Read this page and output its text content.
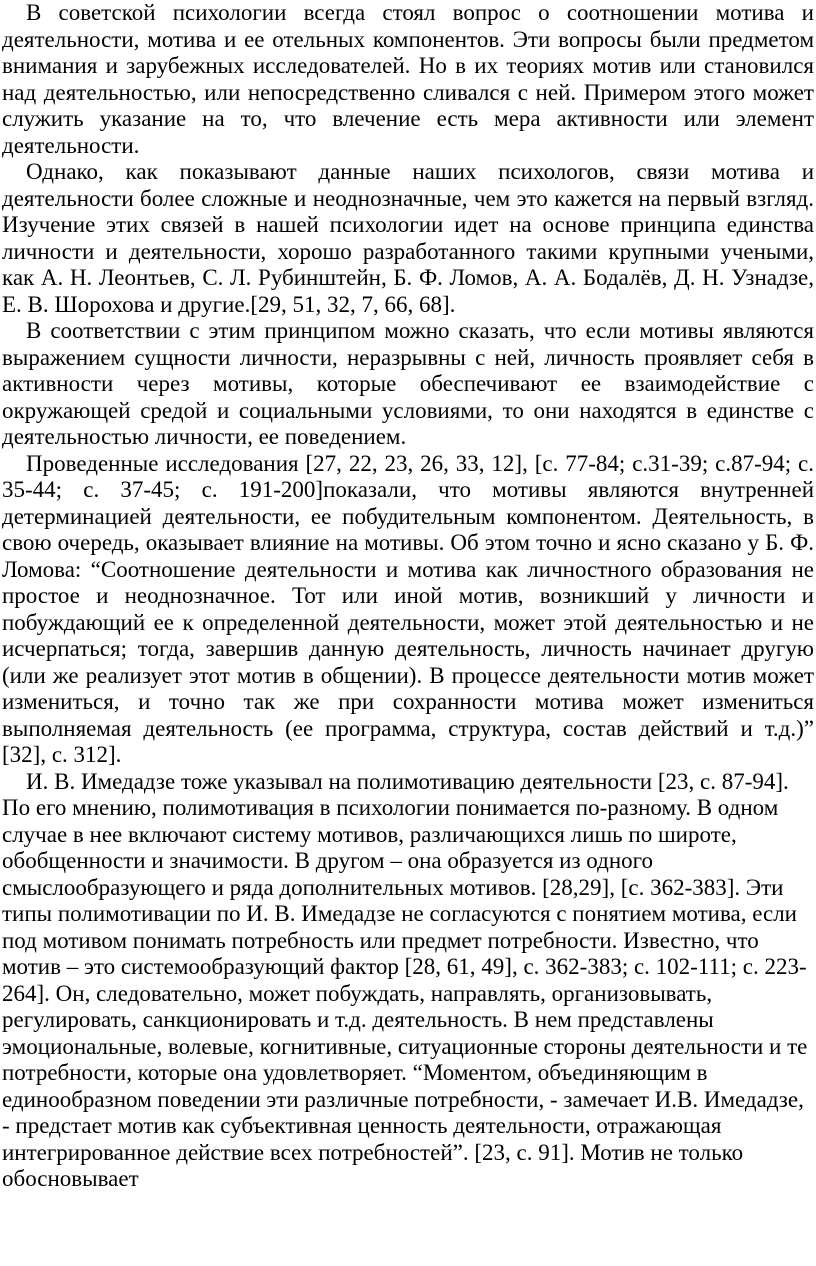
В советской психологии всегда стоял вопрос о соотношении мотива и деятельности, мотива и ее отельных компонентов. Эти вопросы были предметом внимания и зарубежных исследователей. Но в их теориях мотив или становился над деятельностью, или непосредственно сливался с ней. Примером этого может служить указание на то, что влечение есть мера активности или элемент деятельности.

Однако, как показывают данные наших психологов, связи мотива и деятельности более сложные и неоднозначные, чем это кажется на первый взгляд. Изучение этих связей в нашей психологии идет на основе принципа единства личности и деятельности, хорошо разработанного такими крупными учеными, как А. Н. Леонтьев, С. Л. Рубинштейн, Б. Ф. Ломов, А. А. Бодалёв, Д. Н. Узнадзе, Е. В. Шорохова и другие.[29, 51, 32, 7, 66, 68].

В соответствии с этим принципом можно сказать, что если мотивы являются выражением сущности личности, неразрывны с ней, личность проявляет себя в активности через мотивы, которые обеспечивают ее взаимодействие с окружающей средой и социальными условиями, то они находятся в единстве с деятельностью личности, ее поведением.

Проведенные исследования [27, 22, 23, 26, 33, 12], [с. 77-84; с.31-39; с.87-94; с. 35-44; с. 37-45; с. 191-200]показали, что мотивы являются внутренней детерминацией деятельности, ее побудительным компонентом. Деятельность, в свою очередь, оказывает влияние на мотивы. Об этом точно и ясно сказано у Б. Ф. Ломова: “Соотношение деятельности и мотива как личностного образования не простое и неоднозначное. Тот или иной мотив, возникший у личности и побуждающий ее к определенной деятельности, может этой деятельностью и не исчерпаться; тогда, завершив данную деятельность, личность начинает другую (или же реализует этот мотив в общении). В процессе деятельности мотив может измениться, и точно так же при сохранности мотива может измениться выполняемая деятельность (ее программа, структура, состав действий и т.д.)” [32], с. 312].

И. В. Имедадзе тоже указывал на полимотивацию деятельности [23, с. 87-94]. По его мнению, полимотивация в психологии понимается по-разному. В одном случае в нее включают систему мотивов, различающихся лишь по широте, обобщенности и значимости. В другом – она образуется из одного смыслообразующего и ряда дополнительных мотивов. [28,29], [с. 362-383]. Эти типы полимотивации по И. В. Имедадзе не согласуются с понятием мотива, если под мотивом понимать потребность или предмет потребности. Известно, что мотив – это системообразующий фактор [28, 61, 49], с. 362-383; с. 102-111; с. 223-264]. Он, следовательно, может побуждать, направлять, организовывать, регулировать, санкционировать и т.д. деятельность. В нем представлены эмоциональные, волевые, когнитивные, ситуационные стороны деятельности и те потребности, которые она удовлетворяет. “Моментом, объединяющим в единообразном поведении эти различные потребности, - замечает И.В. Имедадзе, - предстает мотив как субъективная ценность деятельности, отражающая интегрированное действие всех потребностей”. [23, с. 91]. Мотив не только обосновывает
